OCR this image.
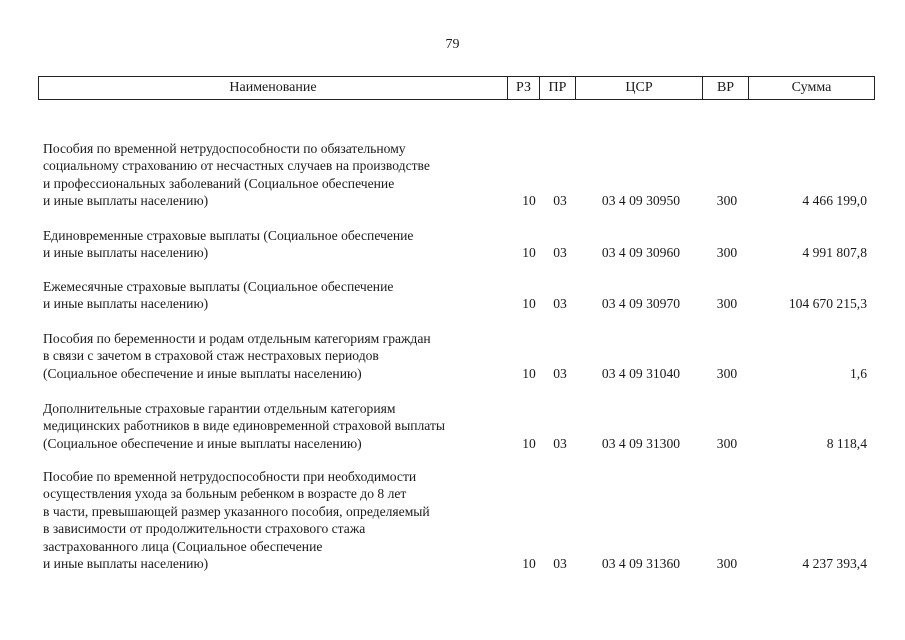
79
Наименование	РЗ	ПР	ЦСР	ВР	Сумма
Пособия по временной нетрудоспособности по обязательному
социальному страхованию от несчастных случаев на производстве
и профессиональных заболеваний (Социальное обеспечение
и иные выплаты населению)	10	03	03 4 09 30950	300	4 466 199,0
Единовременные страховые выплаты (Социальное обеспечение
и иные выплаты населению)	10	03	03 4 09 30960	300	4 991 807,8
Ежемесячные страховые выплаты (Социальное обеспечение
и иные выплаты населению)	10	03	03 4 09 30970	300	104 670 215,3
Пособия по беременности и родам отдельным категориям граждан
в связи с зачетом в страховой стаж нестраховых периодов
(Социальное обеспечение и иные выплаты населению)	10	03	03 4 09 31040	300	1,6
Дополнительные страховые гарантии отдельным категориям
медицинских работников в виде единовременной страховой выплаты
(Социальное обеспечение и иные выплаты населению)	10	03	03 4 09 31300	300	8 118,4
Пособие по временной нетрудоспособности при необходимости
осуществления ухода за больным ребенком в возрасте до 8 лет
в части, превышающей размер указанного пособия, определяемый
в зависимости от продолжительности страхового стажа
застрахованного лица (Социальное обеспечение
и иные выплаты населению)	10	03	03 4 09 31360	300	4 237 393,4
